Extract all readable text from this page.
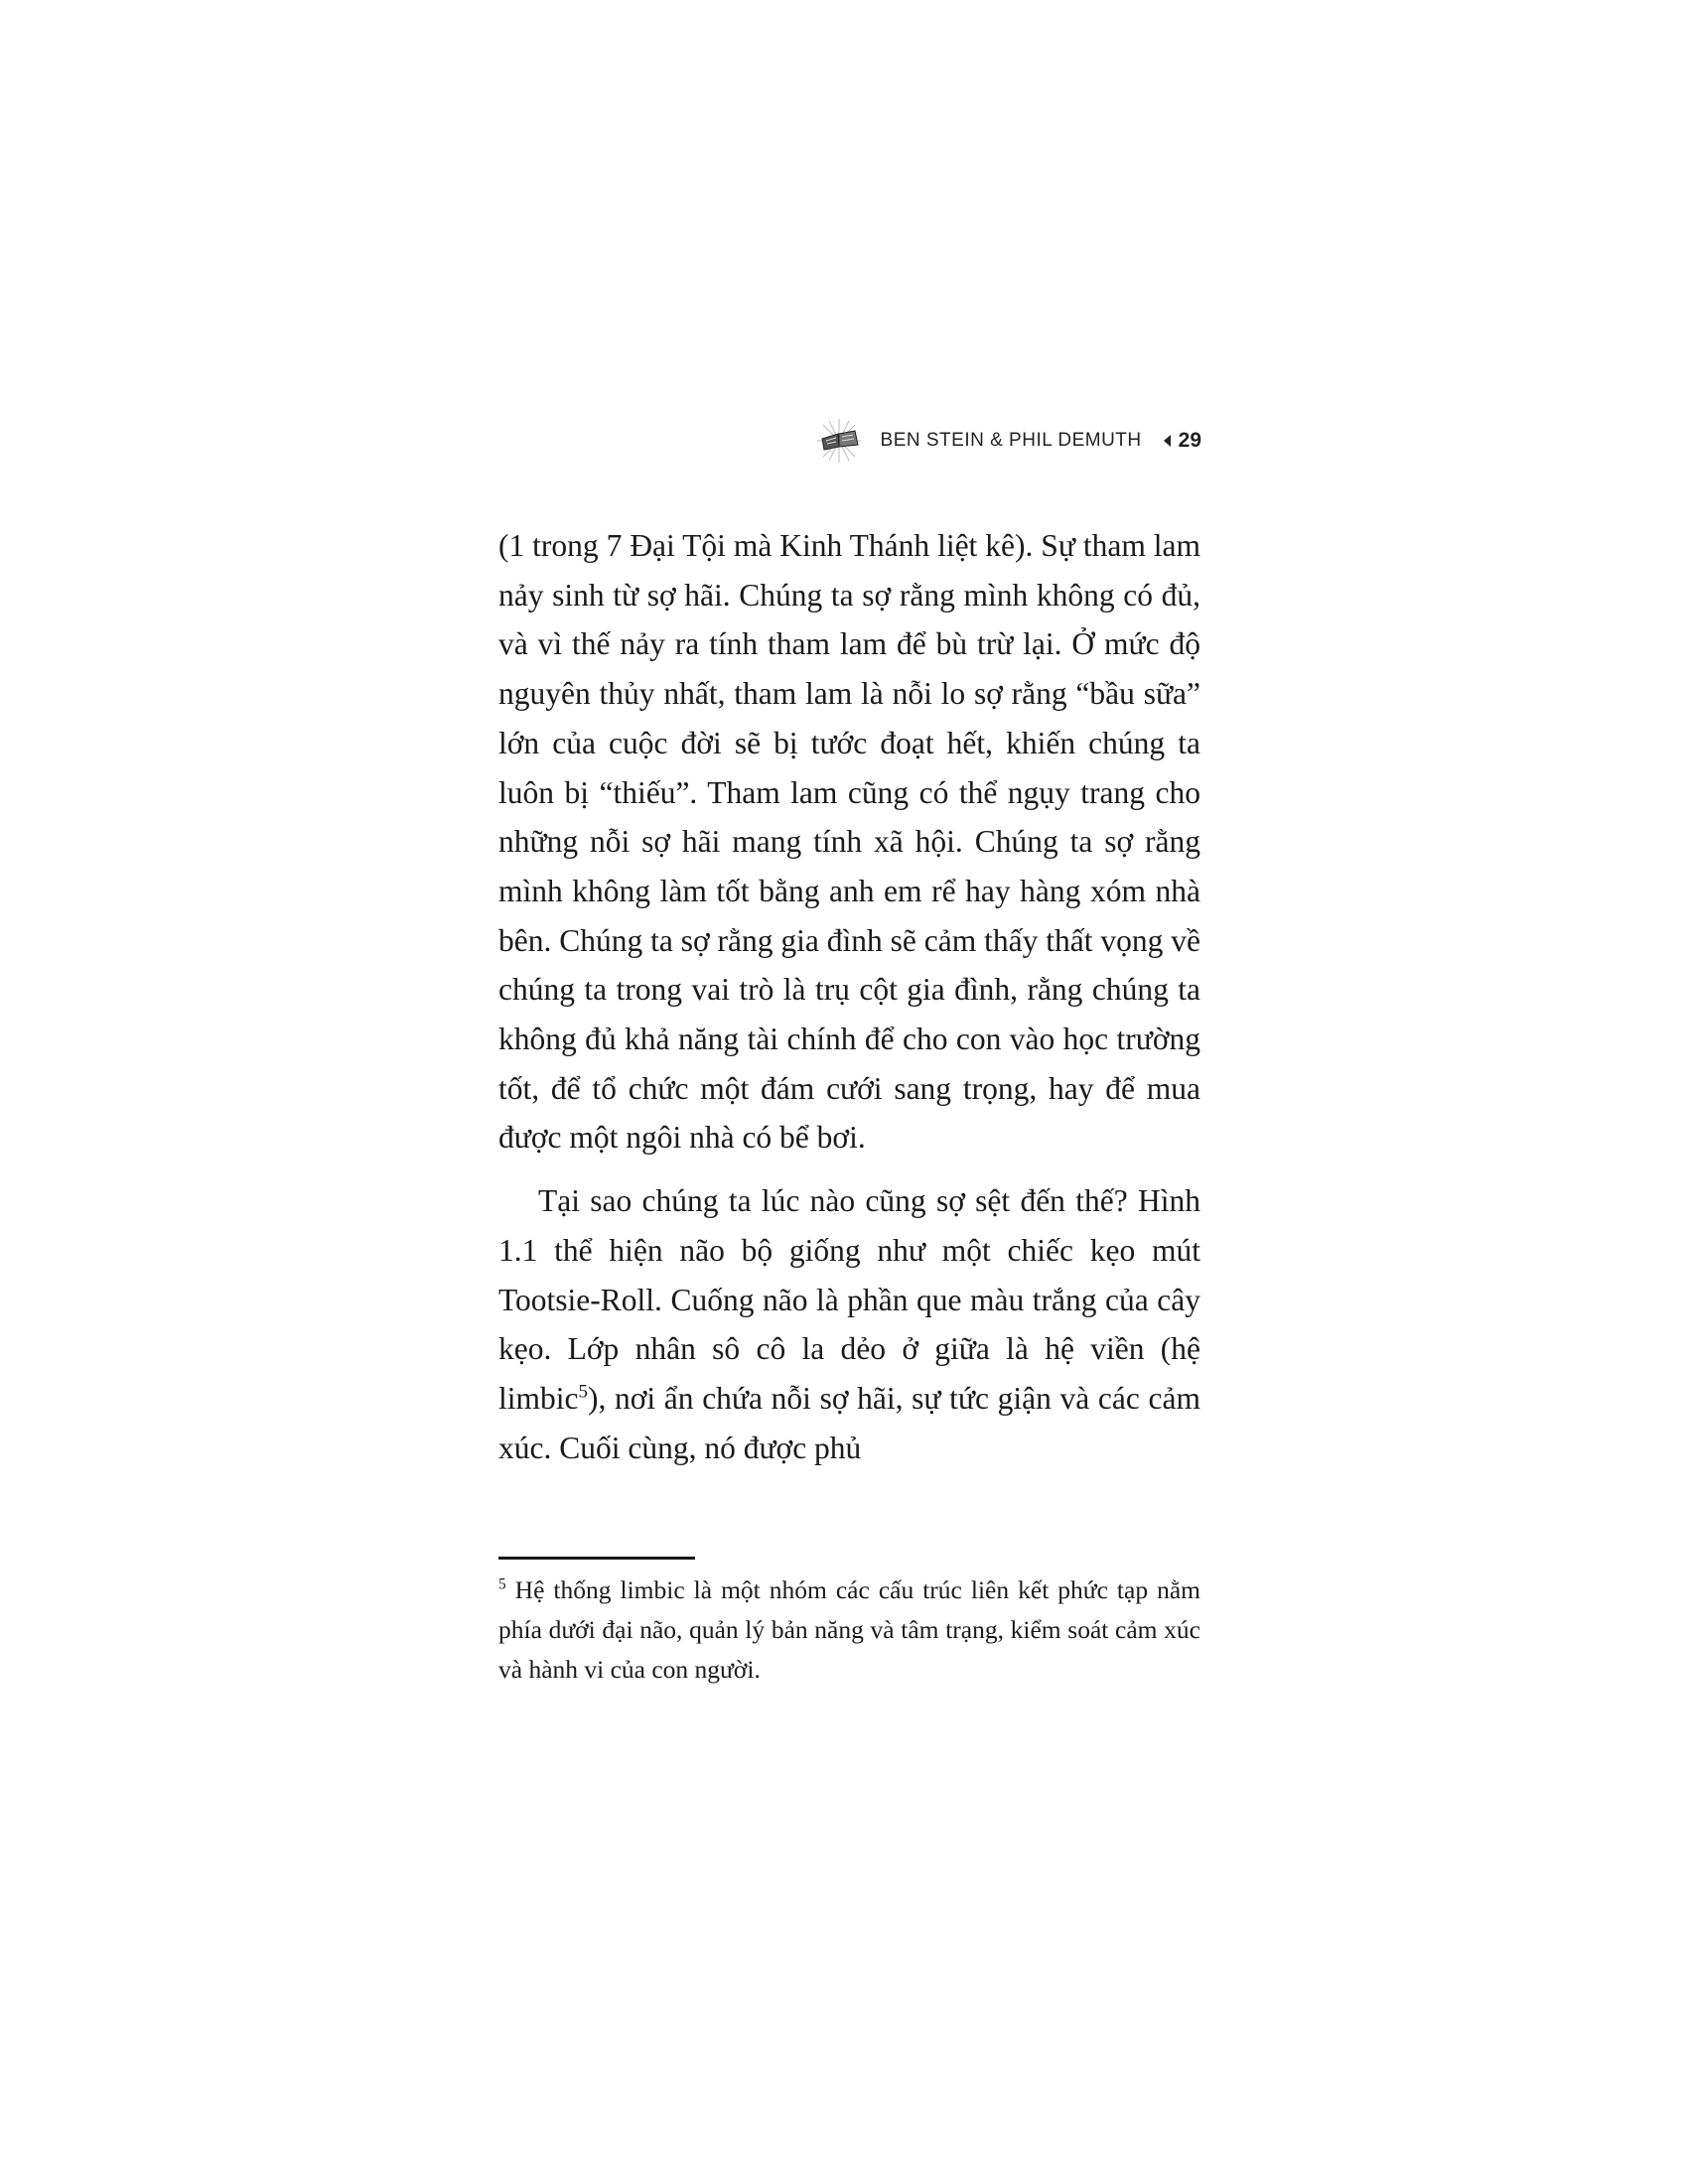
BEN STEIN & PHIL DEMUTH 29

(1 trong 7 Đại Tội mà Kinh Thánh liệt kê). Sự tham lam nảy sinh từ sợ hãi. Chúng ta sợ rằng mình không có đủ, và vì thế nảy ra tính tham lam để bù trừ lại. Ở mức độ nguyên thủy nhất, tham lam là nỗi lo sợ rằng “bầu sữa” lớn của cuộc đời sẽ bị tước đoạt hết, khiến chúng ta luôn bị “thiếu”. Tham lam cũng có thể ngụy trang cho những nỗi sợ hãi mang tính xã hội. Chúng ta sợ rằng mình không làm tốt bằng anh em rể hay hàng xóm nhà bên. Chúng ta sợ rằng gia đình sẽ cảm thấy thất vọng về chúng ta trong vai trò là trụ cột gia đình, rằng chúng ta không đủ khả năng tài chính để cho con vào học trường tốt, để tổ chức một đám cưới sang trọng, hay để mua được một ngôi nhà có bể bơi.

Tại sao chúng ta lúc nào cũng sợ sệt đến thế? Hình 1.1 thể hiện não bộ giống như một chiếc kẹo mút Tootsie-Roll. Cuống não là phần que màu trắng của cây kẹo. Lớp nhân sô cô la dẻo ở giữa là hệ viền (hệ limbic$^5$), nơi ẩn chứa nỗi sợ hãi, sự tức giận và các cảm xúc. Cuối cùng, nó được phủ

$^5$ Hệ thống limbic là một nhóm các cấu trúc liên kết phức tạp nằm phía dưới đại não, quản lý bản năng và tâm trạng, kiểm soát cảm xúc và hành vi của con người.
